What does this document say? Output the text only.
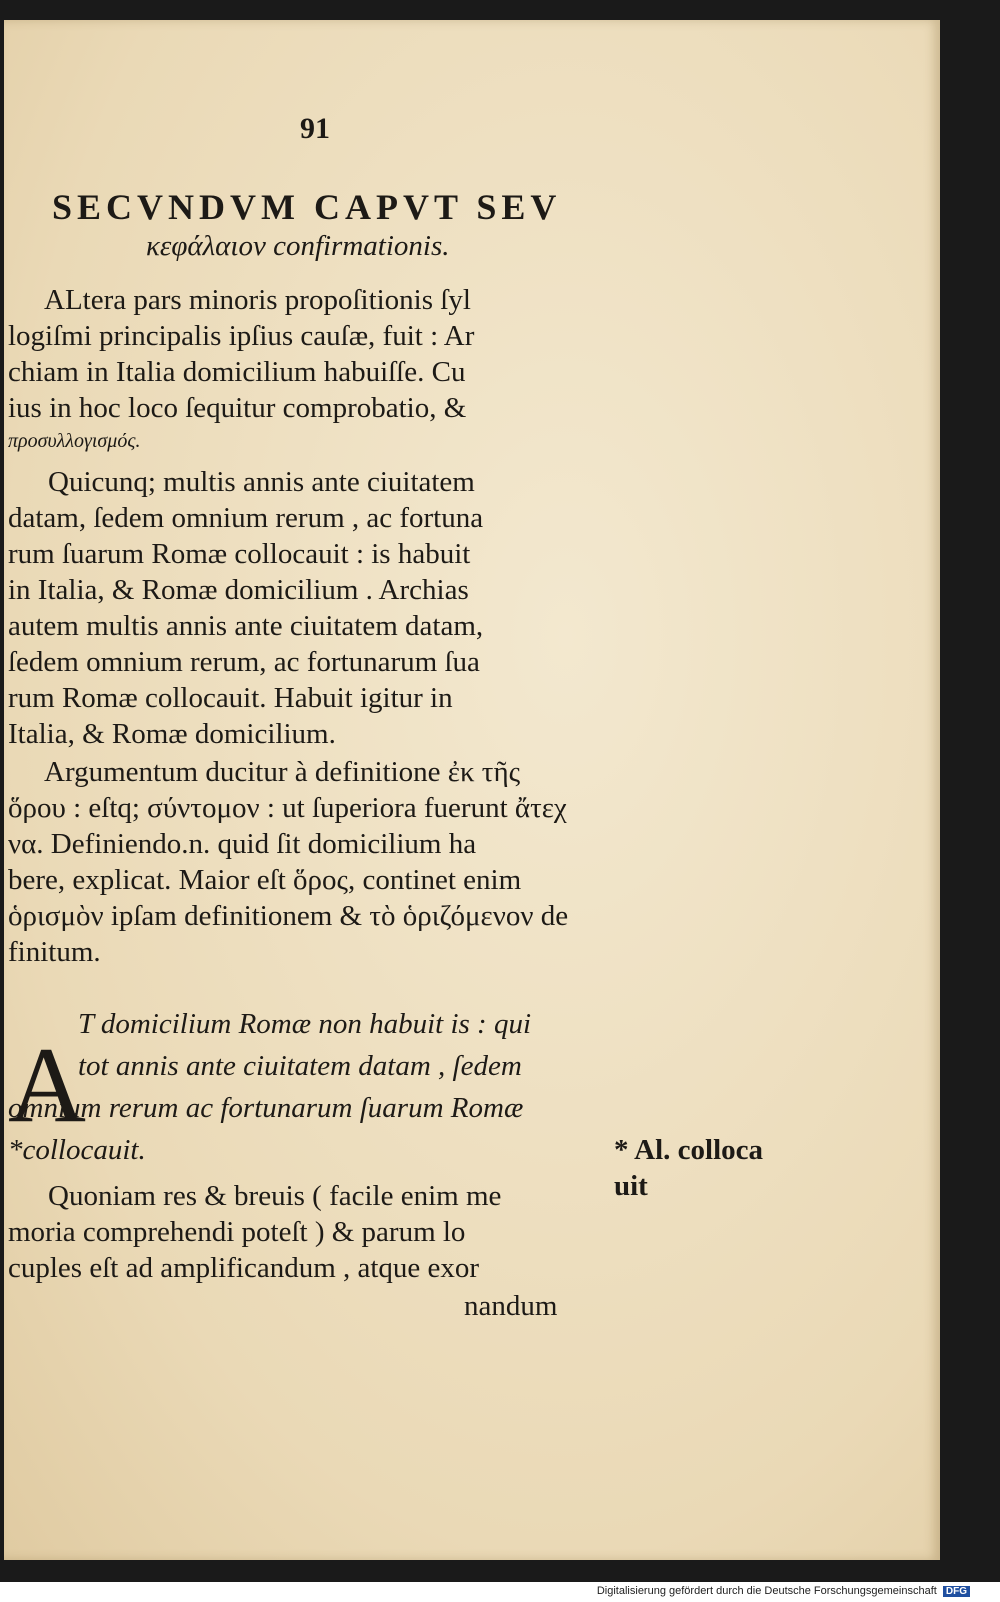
91
SECVNDVM CAPVT SEV
κεφάλαιον confirmationis.
ALtera pars minoris propoſitionis ſyl
logiſmi principalis ipſius cauſæ, fuit : Ar
chiam in Italia domicilium habuiſſe. Cu
ius in hoc loco ſequitur comprobatio, &
προσυλλογισμός.
Quicunq; multis annis ante ciuitatem
datam, ſedem omnium rerum , ac fortuna
rum ſuarum Romæ collocauit : is habuit
in Italia, & Romæ domicilium . Archias
autem multis annis ante ciuitatem datam,
ſedem omnium rerum, ac fortunarum ſua
rum Romæ collocauit. Habuit igitur in
Italia, & Romæ domicilium.
Argumentum ducitur à definitione ἐκ τῆς
ὅρου : eſtq; σύντομον : ut ſuperiora fuerunt ἄτεχ
να. Definiendo.n. quid ſit domicilium ha
bere, explicat. Maior eſt ὅρος, continet enim
ὁρισμὸν ipſam definitionem & τὸ ὁριζόμενον de
finitum.
A
T domicilium Romæ non habuit is : qui
tot annis ante ciuitatem datam , ſedem
omnium rerum ac fortunarum ſuarum Romæ
*collocauit.	* Al. colloca
uit
Quoniam res & breuis ( facile enim me
moria comprehendi poteſt ) & parum lo
cuples eſt ad amplificandum , atque exor
nandum
Digitalisierung gefördert durch die Deutsche Forschungsgemeinschaft DFG
